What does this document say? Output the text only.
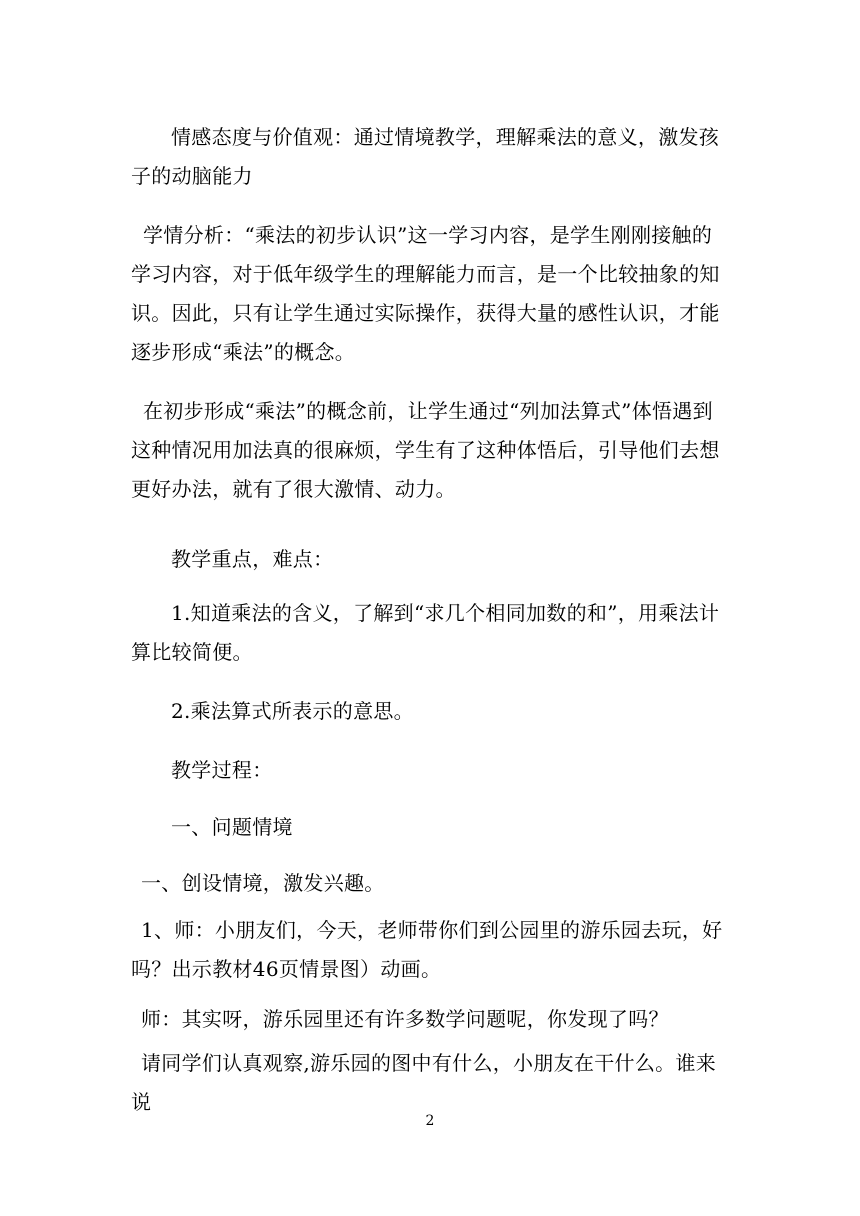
情感态度与价值观：通过情境教学，理解乘法的意义，激发孩子的动脑能力

学情分析：“乘法的初步认识”这一学习内容，是学生刚刚接触的学习内容，对于低年级学生的理解能力而言，是一个比较抽象的知识。因此，只有让学生通过实际操作，获得大量的感性认识，才能逐步形成“乘法”的概念。

在初步形成“乘法”的概念前，让学生通过“列加法算式”体悟遇到这种情况用加法真的很麻烦，学生有了这种体悟后，引导他们去想更好办法，就有了很大激情、动力。

教学重点，难点：

1.知道乘法的含义，了解到“求几个相同加数的和”，用乘法计算比较简便。

2.乘法算式所表示的意思。

教学过程：

一、问题情境

一、创设情境，激发兴趣。

1、师：小朋友们，今天，老师带你们到公园里的游乐园去玩，好吗？出示教材46页情景图）动画。

师：其实呀，游乐园里还有许多数学问题呢，你发现了吗？

请同学们认真观察,游乐园的图中有什么，小朋友在干什么。谁来说

2
